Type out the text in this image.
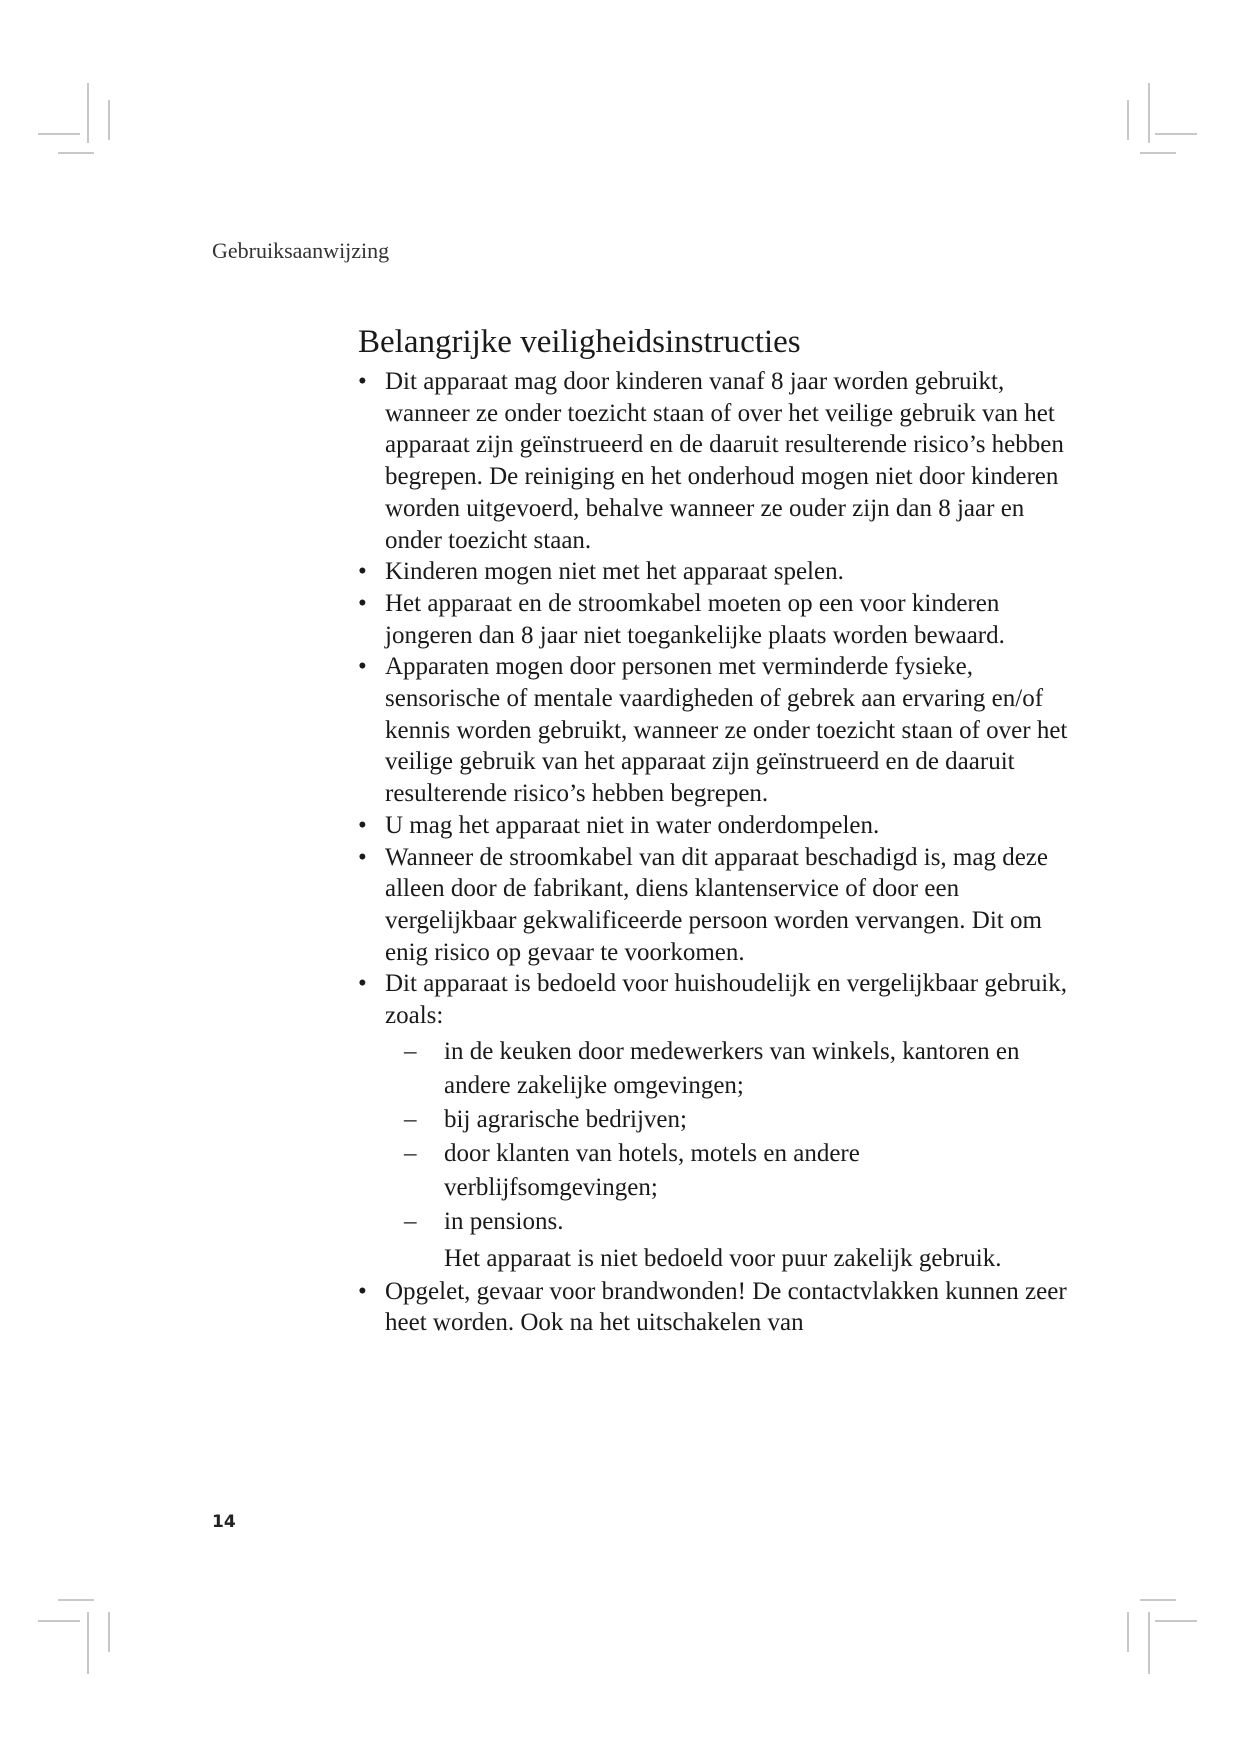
Gebruiksaanwijzing
Belangrijke veiligheidsinstructies
• Dit apparaat mag door kinderen vanaf 8 jaar worden gebruikt, wanneer ze onder toezicht staan of over het veilige gebruik van het apparaat zijn geïnstrueerd en de daaruit resulterende risico’s hebben begrepen. De reiniging en het onderhoud mogen niet door kinderen worden uitgevoerd, behalve wanneer ze ouder zijn dan 8 jaar en onder toezicht staan.
• Kinderen mogen niet met het apparaat spelen.
• Het apparaat en de stroomkabel moeten op een voor kinderen jongeren dan 8 jaar niet toegankelijke plaats worden bewaard.
• Apparaten mogen door personen met verminderde fysieke, sensorische of mentale vaardigheden of gebrek aan ervaring en/of kennis worden gebruikt, wanneer ze onder toezicht staan of over het veilige gebruik van het apparaat zijn geïnstrueerd en de daaruit resulterende risico’s hebben begrepen.
• U mag het apparaat niet in water onderdompelen.
• Wanneer de stroomkabel van dit apparaat beschadigd is, mag deze alleen door de fabrikant, diens klantenservice of door een vergelijkbaar gekwalificeerde persoon worden vervangen. Dit om enig risico op gevaar te voorkomen.
• Dit apparaat is bedoeld voor huishoudelijk en vergelijkbaar gebruik, zoals:
– in de keuken door medewerkers van winkels, kantoren en andere zakelijke omgevingen;
– bij agrarische bedrijven;
– door klanten van hotels, motels en andere verblijfsomgevingen;
– in pensions.
Het apparaat is niet bedoeld voor puur zakelijk gebruik.
• Opgelet, gevaar voor brandwonden! De contactvlakken kunnen zeer heet worden. Ook na het uitschakelen van
14
